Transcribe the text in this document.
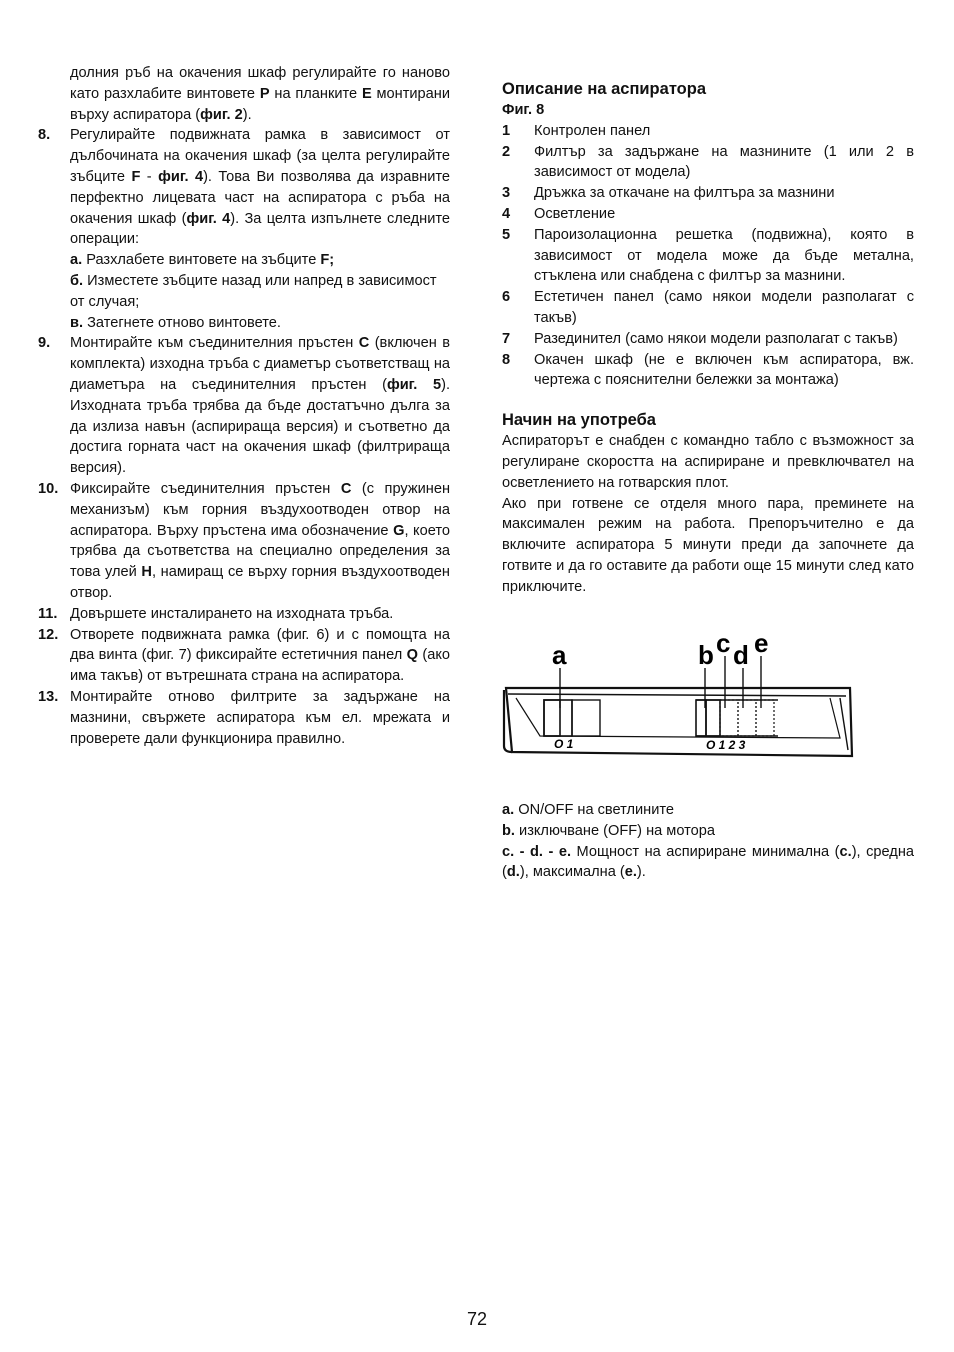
долния ръб на окачения шкаф регулирайте го наново като разхлабите винтовете P на планките E монтирани върху аспиратора (фиг. 2).

8. Регулирайте подвижната рамка в зависимост от дълбочината на окачения шкаф (за целта регулирайте зъбците F - фиг. 4). Това Ви позволява да изравните перфектно лицевата част на аспиратора с ръба на окачения шкаф (фиг. 4). За целта изпълнете следните операции:

а. Разхлабете винтовете на зъбците F;

б. Изместете зъбците назад или напред в зависимост от случая;

в. Затегнете отново винтовете.

9. Монтирайте към съединителния пръстен C (включен в комплекта) изходна тръба с диаметър съответстващ на диаметъра на съединителния пръстен (фиг. 5). Изходната тръба трябва да бъде достатъчно дълга за да излиза навън (аспирираща версия) и съответно да достига горната част на окачения шкаф (филтрираща версия).
10. Фиксирайте съединителния пръстен C (с пружинен механизъм) към горния въздухоотводен отвор на аспиратора. Върху пръстена има обозначение G, което трябва да съответства на специално определения за това улей H, намиращ се върху горния въздухоотводен отвор.
11. Довършете инсталирането на изходната тръба.
12. Отворете подвижната рамка (фиг. 6) и с помощта на два винта (фиг. 7) фиксирайте естетичния панел Q (ако има такъв) от вътрешната страна на аспиратора.
13. Монтирайте отново филтрите за задържане на мазнини, свържете аспиратора към ел. мрежата и проверете дали функционира правилно.

Описание на аспиратора

Фиг. 8

1 Контролен панел
2 Филтър за задържане на мазнините (1 или 2 в зависимост от модела)
3 Дръжка за откачане на филтъра за мазнини
4 Осветление
5 Пароизолационна решетка (подвижна), която в зависимост от модела може да бъде метална, стъклена или снабдена с филтър за мазнини.
6 Естетичен панел (само някои модели разполагат с такъв)
7 Разединител (само някои модели разполагат с такъв)
8 Окачен шкаф (не е включен към аспиратора, вж. чертежа с пояснителни бележки за монтажа)

Начин на употреба

Аспираторът е снабден с командно табло с възможност за регулиране скоростта на аспириране и превключвател на осветлението на готварския плот.

Ако при готвене се отделя много пара, преминете на максимален режим на работа. Препоръчително е да включите аспиратора 5 минути преди да започнете да готвите и да го оставите да работи още 15 минути след като приключите.

a	b c d e
O 1	O 1 2 3

a. ON/OFF на светлините

b. изключване (OFF) на мотора

c. - d. - e. Мощност на аспириране минимална (c.), средна (d.), максимална (e.).

72
